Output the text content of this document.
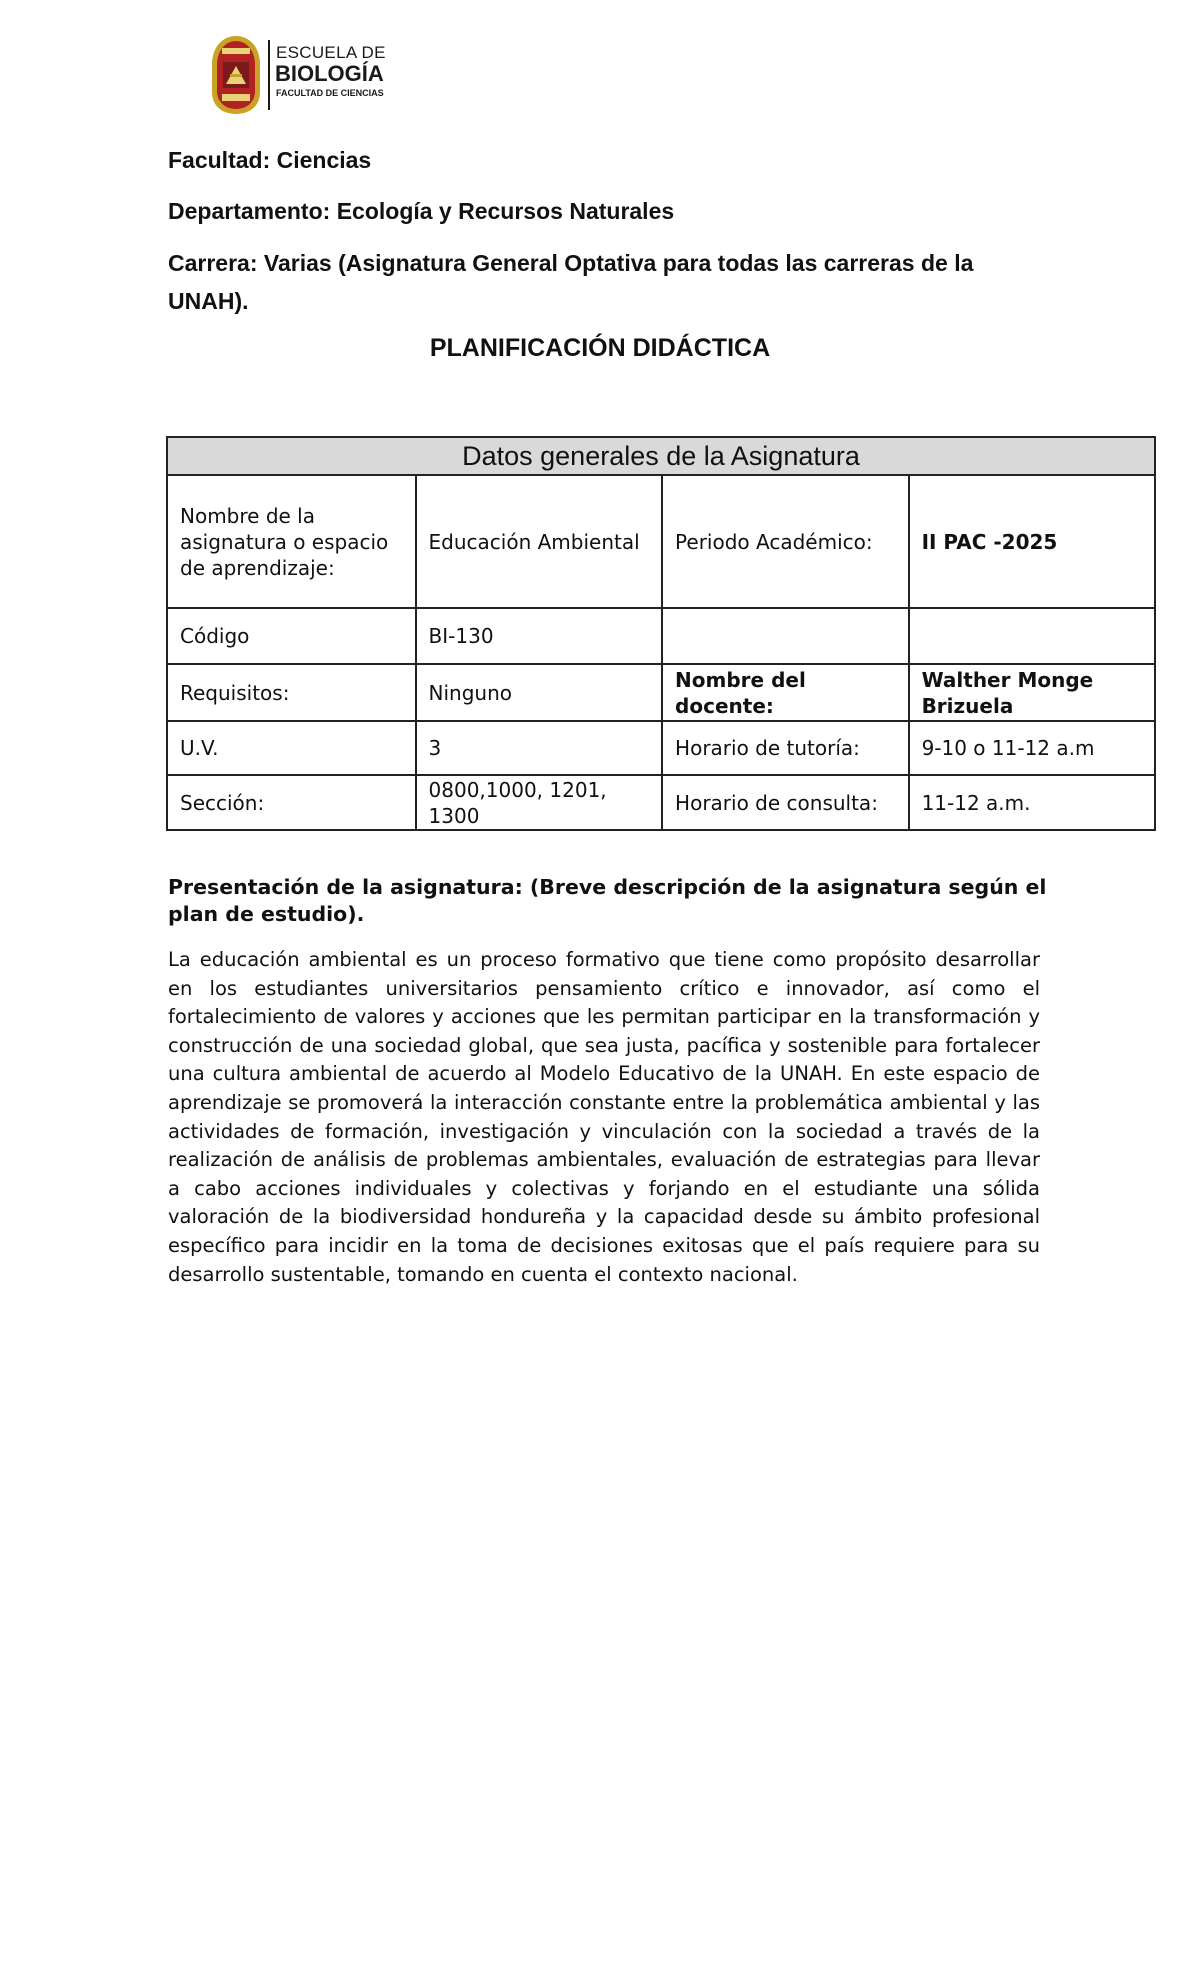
ESCUELA DE
BIOLOGÍA
FACULTAD DE CIENCIAS
Facultad: Ciencias
Departamento: Ecología y Recursos Naturales
Carrera: Varias (Asignatura General Optativa para todas las carreras de la
UNAH).
PLANIFICACIÓN DIDÁCTICA
Datos generales de la Asignatura			
Nombre de la asignatura o espacio de aprendizaje:	Educación Ambiental	Periodo Académico:	II PAC -2025
Código	BI-130		
Requisitos:	Ninguno	Nombre del docente:	Walther Monge Brizuela
U.V.	3	Horario de tutoría:	9-10 o 11-12 a.m
Sección:	0800,1000, 1201, 1300	Horario de consulta:	11-12 a.m.
Presentación de la asignatura: (Breve descripción de la asignatura según el plan de estudio).
La educación ambiental es un proceso formativo que tiene como propósito desarrollar en los estudiantes universitarios pensamiento crítico e innovador, así como el fortalecimiento de valores y acciones que les permitan participar en la transformación y construcción de una sociedad global, que sea justa, pacífica y sostenible para fortalecer una cultura ambiental de acuerdo al Modelo Educativo de la UNAH. En este espacio de aprendizaje se promoverá la interacción constante entre la problemática ambiental y las actividades de formación, investigación y vinculación con la sociedad a través de la realización de análisis de problemas ambientales, evaluación de estrategias para llevar a cabo acciones individuales y colectivas y forjando en el estudiante una sólida valoración de la biodiversidad hondureña y la capacidad desde su ámbito profesional específico para incidir en la toma de decisiones exitosas que el país requiere para su desarrollo sustentable, tomando en cuenta el contexto nacional.
